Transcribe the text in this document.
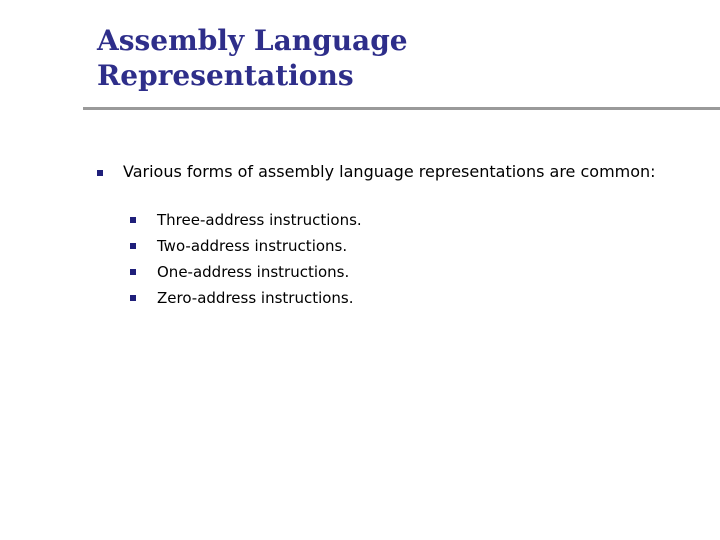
Assembly Language
Representations
Various forms of assembly language representations are common:
Three-address instructions.
Two-address instructions.
One-address instructions.
Zero-address instructions.
